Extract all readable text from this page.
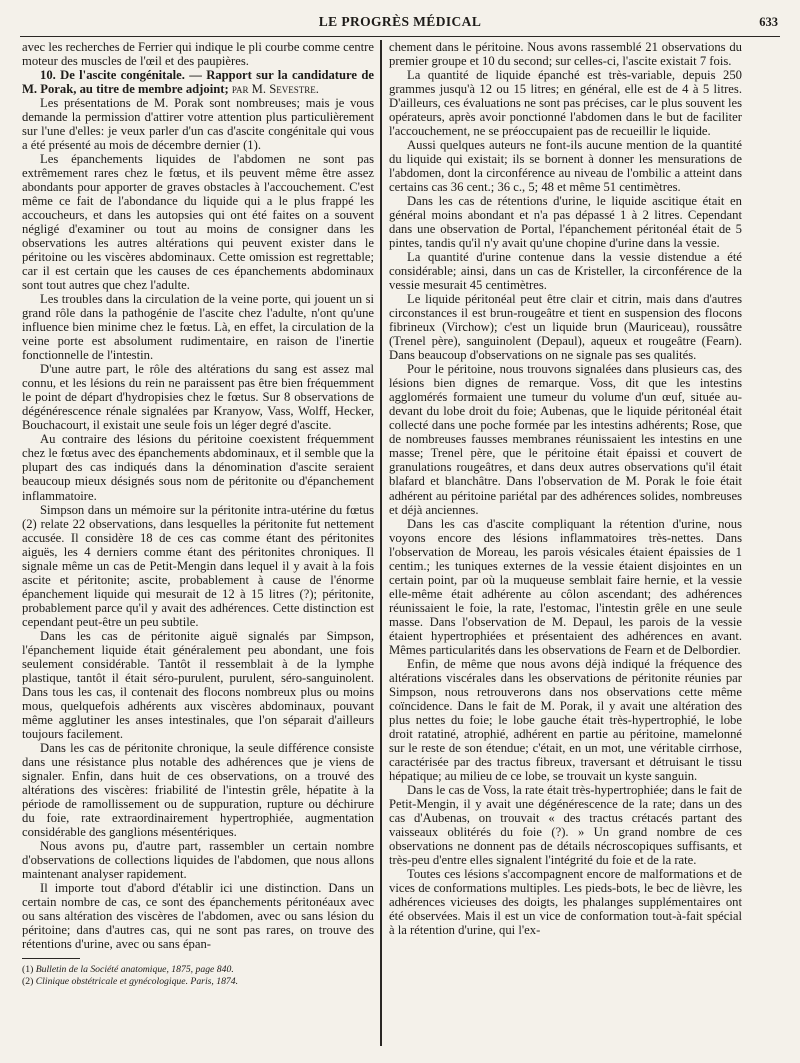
LE PROGRÈS MÉDICAL	633

avec les recherches de Ferrier qui indique le pli courbe comme centre moteur des muscles de l'œil et des paupières.

10. De l'ascite congénitale. — Rapport sur la candidature de M. Porak, au titre de membre adjoint; par M. Sevestre.

Les présentations de M. Porak sont nombreuses; mais je vous demande la permission d'attirer votre attention plus particulièrement sur l'une d'elles: je veux parler d'un cas d'ascite congénitale qui vous a été présenté au mois de décembre dernier (1).

Les épanchements liquides de l'abdomen ne sont pas extrêmement rares chez le fœtus, et ils peuvent même être assez abondants pour apporter de graves obstacles à l'accouchement. C'est même ce fait de l'abondance du liquide qui a le plus frappé les accoucheurs, et dans les autopsies qui ont été faites on a souvent négligé d'examiner ou tout au moins de consigner dans les observations les autres altérations qui peuvent exister dans le péritoine ou les viscères abdominaux. Cette omission est regrettable; car il est certain que les causes de ces épanchements abdominaux sont tout autres que chez l'adulte.

Les troubles dans la circulation de la veine porte, qui jouent un si grand rôle dans la pathogénie de l'ascite chez l'adulte, n'ont qu'une influence bien minime chez le fœtus. Là, en effet, la circulation de la veine porte est absolument rudimentaire, en raison de l'inertie fonctionnelle de l'intestin.

D'une autre part, le rôle des altérations du sang est assez mal connu, et les lésions du rein ne paraissent pas être bien fréquemment le point de départ d'hydropisies chez le fœtus. Sur 8 observations de dégénérescence rénale signalées par Kranyow, Vass, Wolff, Hecker, Bouchacourt, il existait une seule fois un léger degré d'ascite.

Au contraire des lésions du péritoine coexistent fréquemment chez le fœtus avec des épanchements abdominaux, et il semble que la plupart des cas indiqués dans la dénomination d'ascite seraient beaucoup mieux désignés sous nom de péritonite ou d'épanchement inflammatoire.

Simpson dans un mémoire sur la péritonite intra-utérine du fœtus (2) relate 22 observations, dans lesquelles la péritonite fut nettement accusée. Il considère 18 de ces cas comme étant des péritonites aiguës, les 4 derniers comme étant des péritonites chroniques. Il signale même un cas de Petit-Mengin dans lequel il y avait à la fois ascite et péritonite; ascite, probablement à cause de l'énorme épanchement liquide qui mesurait de 12 à 15 litres (?); péritonite, probablement parce qu'il y avait des adhérences. Cette distinction est cependant peut-être un peu subtile.

Dans les cas de péritonite aiguë signalés par Simpson, l'épanchement liquide était généralement peu abondant, une fois seulement considérable. Tantôt il ressemblait à de la lymphe plastique, tantôt il était séro-purulent, purulent, séro-sanguinolent. Dans tous les cas, il contenait des flocons nombreux plus ou moins mous, quelquefois adhérents aux viscères abdominaux, pouvant même agglutiner les anses intestinales, que l'on séparait d'ailleurs toujours facilement.

Dans les cas de péritonite chronique, la seule différence consiste dans une résistance plus notable des adhérences que je viens de signaler. Enfin, dans huit de ces observations, on a trouvé des altérations des viscères: friabilité de l'intestin grêle, hépatite à la période de ramollissement ou de suppuration, rupture ou déchirure du foie, rate extraordinairement hypertrophiée, augmentation considérable des ganglions mésentériques.

Nous avons pu, d'autre part, rassembler un certain nombre d'observations de collections liquides de l'abdomen, que nous allons maintenant analyser rapidement.

Il importe tout d'abord d'établir ici une distinction. Dans un certain nombre de cas, ce sont des épanchements péritonéaux avec ou sans altération des viscères de l'abdomen, avec ou sans lésion du péritoine; dans d'autres cas, qui ne sont pas rares, on trouve des rétentions d'urine, avec ou sans épan-

(1) Bulletin de la Société anatomique, 1875, page 840.

(2) Clinique obstétricale et gynécologique. Paris, 1874.

chement dans le péritoine. Nous avons rassemblé 21 observations du premier groupe et 10 du second; sur celles-ci, l'ascite existait 7 fois.

La quantité de liquide épanché est très-variable, depuis 250 grammes jusqu'à 12 ou 15 litres; en général, elle est de 4 à 5 litres. D'ailleurs, ces évaluations ne sont pas précises, car le plus souvent les opérateurs, après avoir ponctionné l'abdomen dans le but de faciliter l'accouchement, ne se préoccupaient pas de recueillir le liquide.

Aussi quelques auteurs ne font-ils aucune mention de la quantité du liquide qui existait; ils se bornent à donner les mensurations de l'abdomen, dont la circonférence au niveau de l'ombilic a atteint dans certains cas 36 cent.; 36 c., 5; 48 et même 51 centimètres.

Dans les cas de rétentions d'urine, le liquide ascitique était en général moins abondant et n'a pas dépassé 1 à 2 litres. Cependant dans une observation de Portal, l'épanchement péritonéal était de 5 pintes, tandis qu'il n'y avait qu'une chopine d'urine dans la vessie.

La quantité d'urine contenue dans la vessie distendue a été considérable; ainsi, dans un cas de Kristeller, la circonférence de la vessie mesurait 45 centimètres.

Le liquide péritonéal peut être clair et citrin, mais dans d'autres circonstances il est brun-rougeâtre et tient en suspension des flocons fibrineux (Virchow); c'est un liquide brun (Mauriceau), roussâtre (Trenel père), sanguinolent (Depaul), aqueux et rougeâtre (Fearn). Dans beaucoup d'observations on ne signale pas ses qualités.

Pour le péritoine, nous trouvons signalées dans plusieurs cas, des lésions bien dignes de remarque. Voss, dit que les intestins agglomérés formaient une tumeur du volume d'un œuf, située au-devant du lobe droit du foie; Aubenas, que le liquide péritonéal était collecté dans une poche formée par les intestins adhérents; Rose, que de nombreuses fausses membranes réunissaient les intestins en une masse; Trenel père, que le péritoine était épaissi et couvert de granulations rougeâtres, et dans deux autres observations qu'il était blafard et blanchâtre. Dans l'observation de M. Porak le foie était adhérent au péritoine pariétal par des adhérences solides, nombreuses et déjà anciennes.

Dans les cas d'ascite compliquant la rétention d'urine, nous voyons encore des lésions inflammatoires très-nettes. Dans l'observation de Moreau, les parois vésicales étaient épaissies de 1 centim.; les tuniques externes de la vessie étaient disjointes en un certain point, par où la muqueuse semblait faire hernie, et la vessie elle-même était adhérente au côlon ascendant; des adhérences réunissaient le foie, la rate, l'estomac, l'intestin grêle en une seule masse. Dans l'observation de M. Depaul, les parois de la vessie étaient hypertrophiées et présentaient des adhérences en avant. Mêmes particularités dans les observations de Fearn et de Delbordier.

Enfin, de même que nous avons déjà indiqué la fréquence des altérations viscérales dans les observations de péritonite réunies par Simpson, nous retrouverons dans nos observations cette même coïncidence. Dans le fait de M. Porak, il y avait une altération des plus nettes du foie; le lobe gauche était très-hypertrophié, le lobe droit ratatiné, atrophié, adhérent en partie au péritoine, mamelonné sur le reste de son étendue; c'était, en un mot, une véritable cirrhose, caractérisée par des tractus fibreux, traversant et détruisant le tissu hépatique; au milieu de ce lobe, se trouvait un kyste sanguin.

Dans le cas de Voss, la rate était très-hypertrophiée; dans le fait de Petit-Mengin, il y avait une dégénérescence de la rate; dans un des cas d'Aubenas, on trouvait « des tractus crétacés partant des vaisseaux oblitérés du foie (?). » Un grand nombre de ces observations ne donnent pas de détails nécroscopiques suffisants, et très-peu d'entre elles signalent l'intégrité du foie et de la rate.

Toutes ces lésions s'accompagnent encore de malformations et de vices de conformations multiples. Les pieds-bots, le bec de lièvre, les adhérences vicieuses des doigts, les phalanges supplémentaires ont été observées. Mais il est un vice de conformation tout-à-fait spécial à la rétention d'urine, qui l'ex-
